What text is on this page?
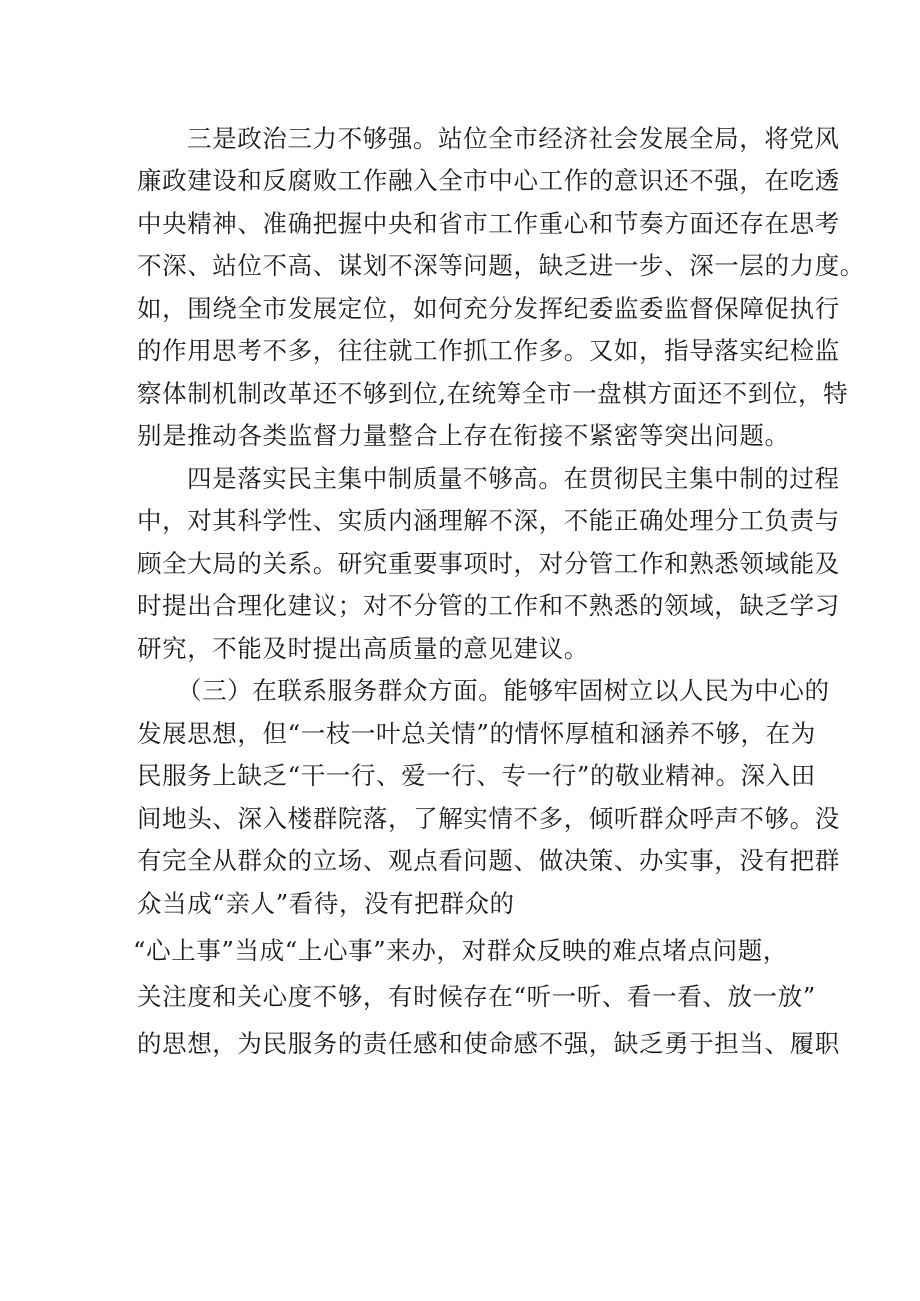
三是政治三力不够强。站位全市经济社会发展全局，将党风
廉政建设和反腐败工作融入全市中心工作的意识还不强，在吃透
中央精神、准确把握中央和省市工作重心和节奏方面还存在思考
不深、站位不高、谋划不深等问题，缺乏进一步、深一层的力度。
如，围绕全市发展定位，如何充分发挥纪委监委监督保障促执行
的作用思考不多，往往就工作抓工作多。又如，指导落实纪检监
察体制机制改革还不够到位,在统筹全市一盘棋方面还不到位，特
别是推动各类监督力量整合上存在衔接不紧密等突出问题。
四是落实民主集中制质量不够高。在贯彻民主集中制的过程
中，对其科学性、实质内涵理解不深，不能正确处理分工负责与
顾全大局的关系。研究重要事项时，对分管工作和熟悉领域能及
时提出合理化建议；对不分管的工作和不熟悉的领域，缺乏学习
研究，不能及时提出高质量的意见建议。
（三）在联系服务群众方面。能够牢固树立以人民为中心的
发展思想，但“一枝一叶总关情”的情怀厚植和涵养不够，在为
民服务上缺乏“干一行、爱一行、专一行”的敬业精神。深入田
间地头、深入楼群院落，了解实情不多，倾听群众呼声不够。没
有完全从群众的立场、观点看问题、做决策、办实事，没有把群
众当成“亲人”看待，没有把群众的
“心上事”当成“上心事”来办，对群众反映的难点堵点问题，
关注度和关心度不够，有时候存在“听一听、看一看、放一放”
的思想，为民服务的责任感和使命感不强，缺乏勇于担当、履职
